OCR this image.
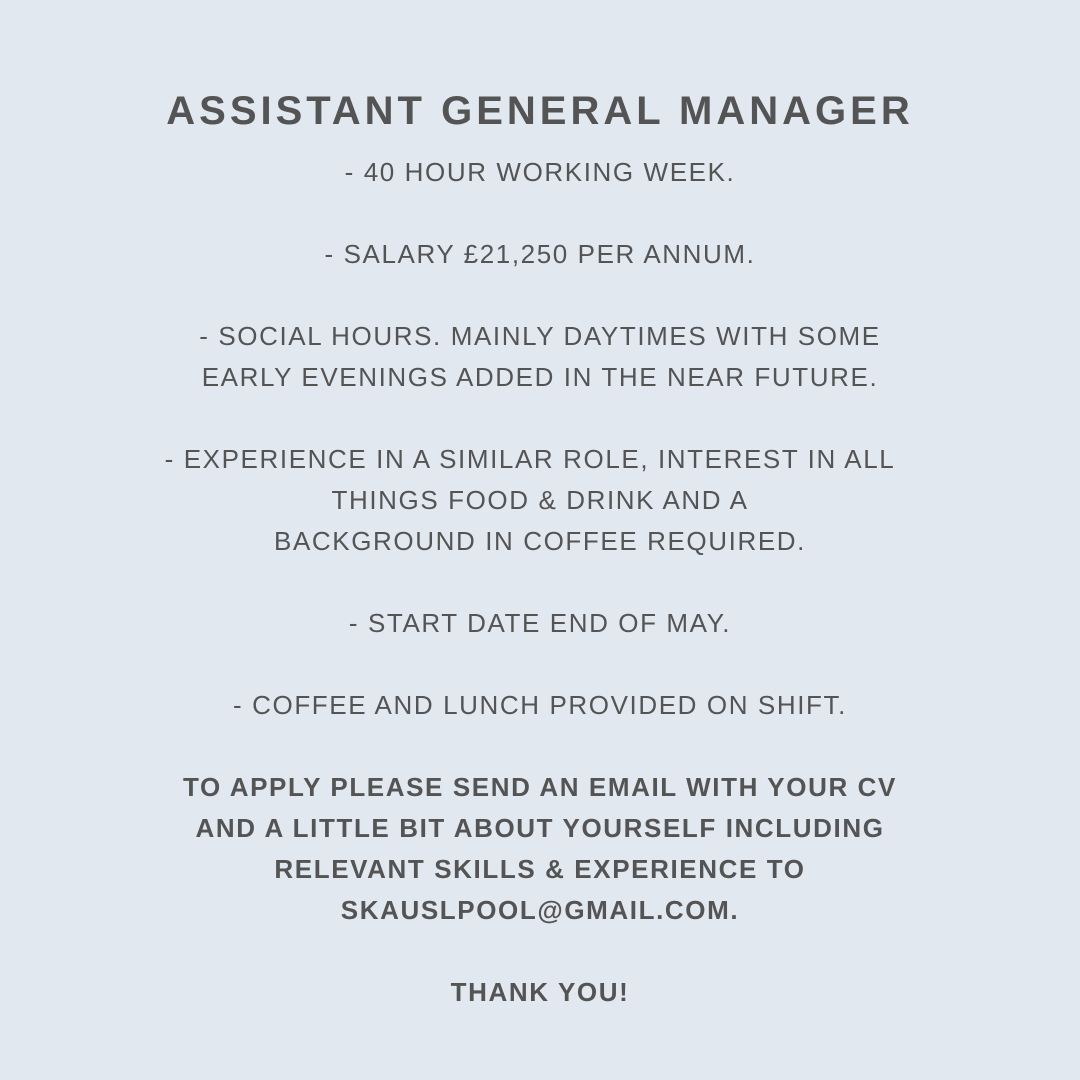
ASSISTANT GENERAL MANAGER
- 40 HOUR WORKING WEEK.
- SALARY £21,250 PER ANNUM.
- SOCIAL HOURS. MAINLY DAYTIMES WITH SOME
EARLY EVENINGS ADDED IN THE NEAR FUTURE.
- EXPERIENCE IN A SIMILAR ROLE, INTEREST IN ALL
THINGS FOOD & DRINK AND A
BACKGROUND IN COFFEE REQUIRED.
- START DATE END OF MAY.
- COFFEE AND LUNCH PROVIDED ON SHIFT.
TO APPLY PLEASE SEND AN EMAIL WITH YOUR CV
AND A LITTLE BIT ABOUT YOURSELF INCLUDING
RELEVANT SKILLS & EXPERIENCE TO
SKAUSLPOOL@GMAIL.COM.
THANK YOU!
